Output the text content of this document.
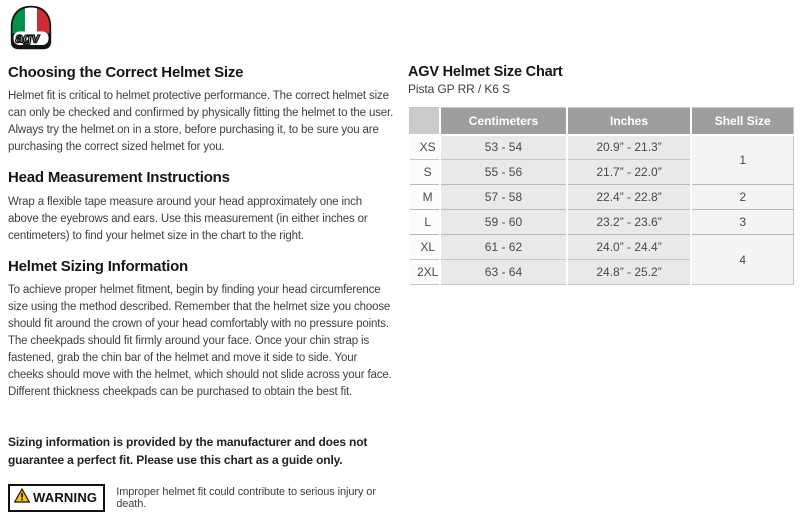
agv
Choosing the Correct Helmet Size

Helmet fit is critical to helmet protective performance. The correct helmet size can only be checked and confirmed by physically fitting the helmet to the user. Always try the helmet on in a store, before purchasing it, to be sure you are purchasing the correct sized helmet for you.

Head Measurement Instructions

Wrap a flexible tape measure around your head approximately one inch above the eyebrows and ears. Use this measurement (in either inches or centimeters) to find your helmet size in the chart to the right.

Helmet Sizing Information

To achieve proper helmet fitment, begin by finding your head circumference size using the method described. Remember that the helmet size you choose should fit around the crown of your head comfortably with no pressure points. The cheekpads should fit firmly around your face. Once your chin strap is fastened, grab the chin bar of the helmet and move it side to side. Your cheeks should move with the helmet, which should not slide across your face. Different thickness cheekpads can be purchased to obtain the best fit.

Sizing information is provided by the manufacturer and does not guarantee a perfect fit. Please use this chart as a guide only.
WARNING Improper helmet fit could contribute to serious injury or death.
AGV Helmet Size Chart
Pista GP RR / K6 S
	Centimeters	Inches	Shell Size
XS	53 - 54	20.9” - 21.3”	1
S	55 - 56	21.7” - 22.0”	
M	57 - 58	22.4” - 22.8”	2
L	59 - 60	23.2” - 23.6”	3
XL	61 - 62	24.0” - 24.4”	4
2XL	63 - 64	24.8” - 25.2”	
